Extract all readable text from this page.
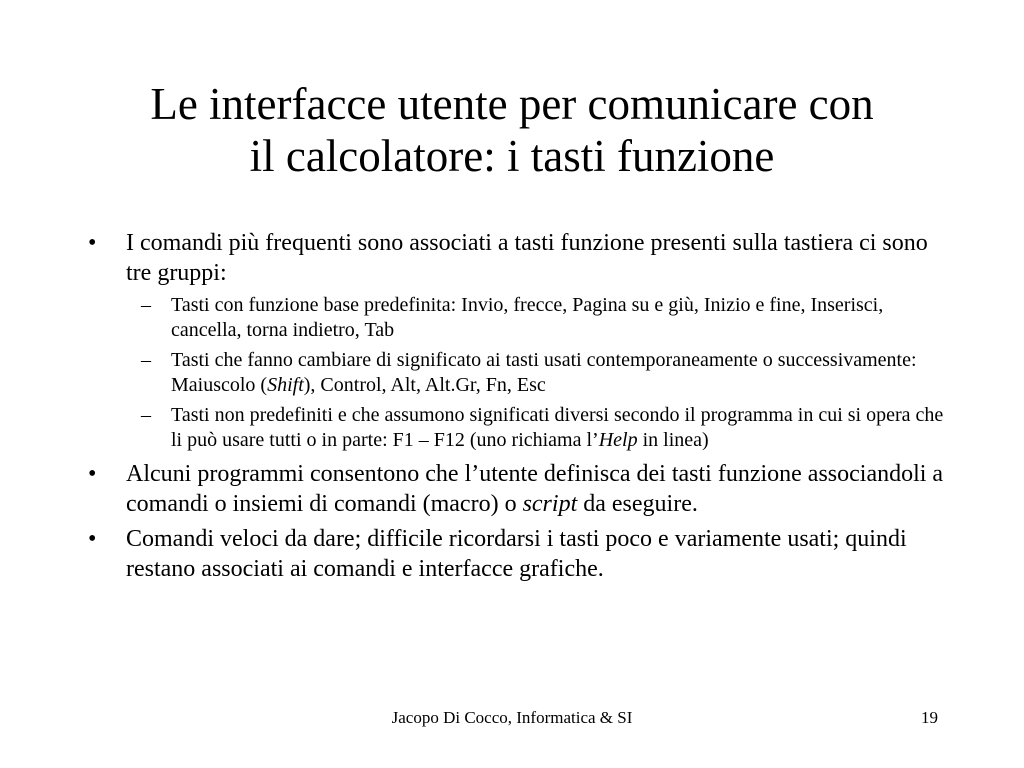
Le interfacce utente per comunicare con
il calcolatore: i tasti funzione
• I comandi più frequenti sono associati a tasti funzione presenti sulla tastiera ci sono tre gruppi:
– Tasti con funzione base predefinita: Invio, frecce, Pagina su e giù, Inizio e fine, Inserisci, cancella, torna indietro, Tab
– Tasti che fanno cambiare di significato ai tasti usati contemporaneamente o successivamente: Maiuscolo (Shift), Control, Alt, Alt.Gr, Fn, Esc
– Tasti non predefiniti e che assumono significati diversi secondo il programma in cui si opera che li può usare tutti o in parte: F1 – F12 (uno richiama l’Help in linea)
• Alcuni programmi consentono che l’utente definisca dei tasti funzione associandoli a comandi o insiemi di comandi (macro) o script da eseguire.
• Comandi veloci da dare; difficile ricordarsi i tasti poco e variamente usati; quindi restano associati ai comandi e interfacce grafiche.
Jacopo Di Cocco, Informatica & SI	19
